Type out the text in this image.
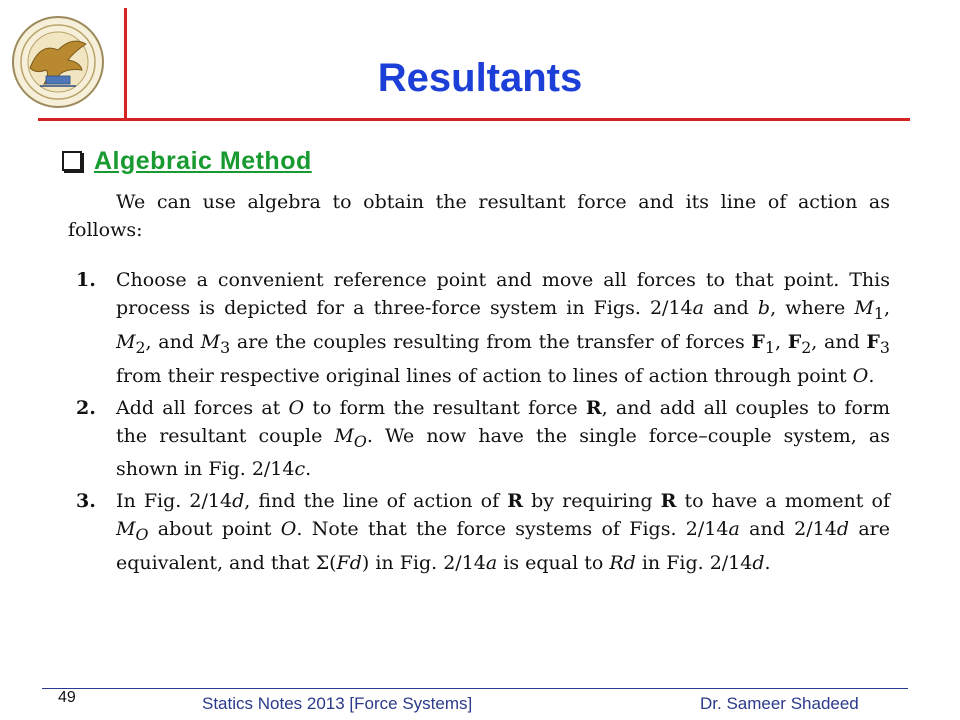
Resultants
Algebraic Method

We can use algebra to obtain the resultant force and its line of action as follows:

1.	Choose a convenient reference point and move all forces to that point. This process is depicted for a three-force system in Figs. 2/14a and b, where $M_1$, $M_2$, and $M_3$ are the couples resulting from the transfer of forces $F_1$, $F_2$, and $F_3$ from their respective original lines of action to lines of action through point O.
2.	Add all forces at O to form the resultant force R, and add all couples to form the resultant couple $M_O$. We now have the single force–couple system, as shown in Fig. 2/14c.
3.	In Fig. 2/14d, find the line of action of R by requiring R to have a moment of $M_O$ about point O. Note that the force systems of Figs. 2/14a and 2/14d are equivalent, and that Σ(Fd) in Fig. 2/14a is equal to Rd in Fig. 2/14d.
49	Statics Notes 2013 [Force Systems]	Dr. Sameer Shadeed
